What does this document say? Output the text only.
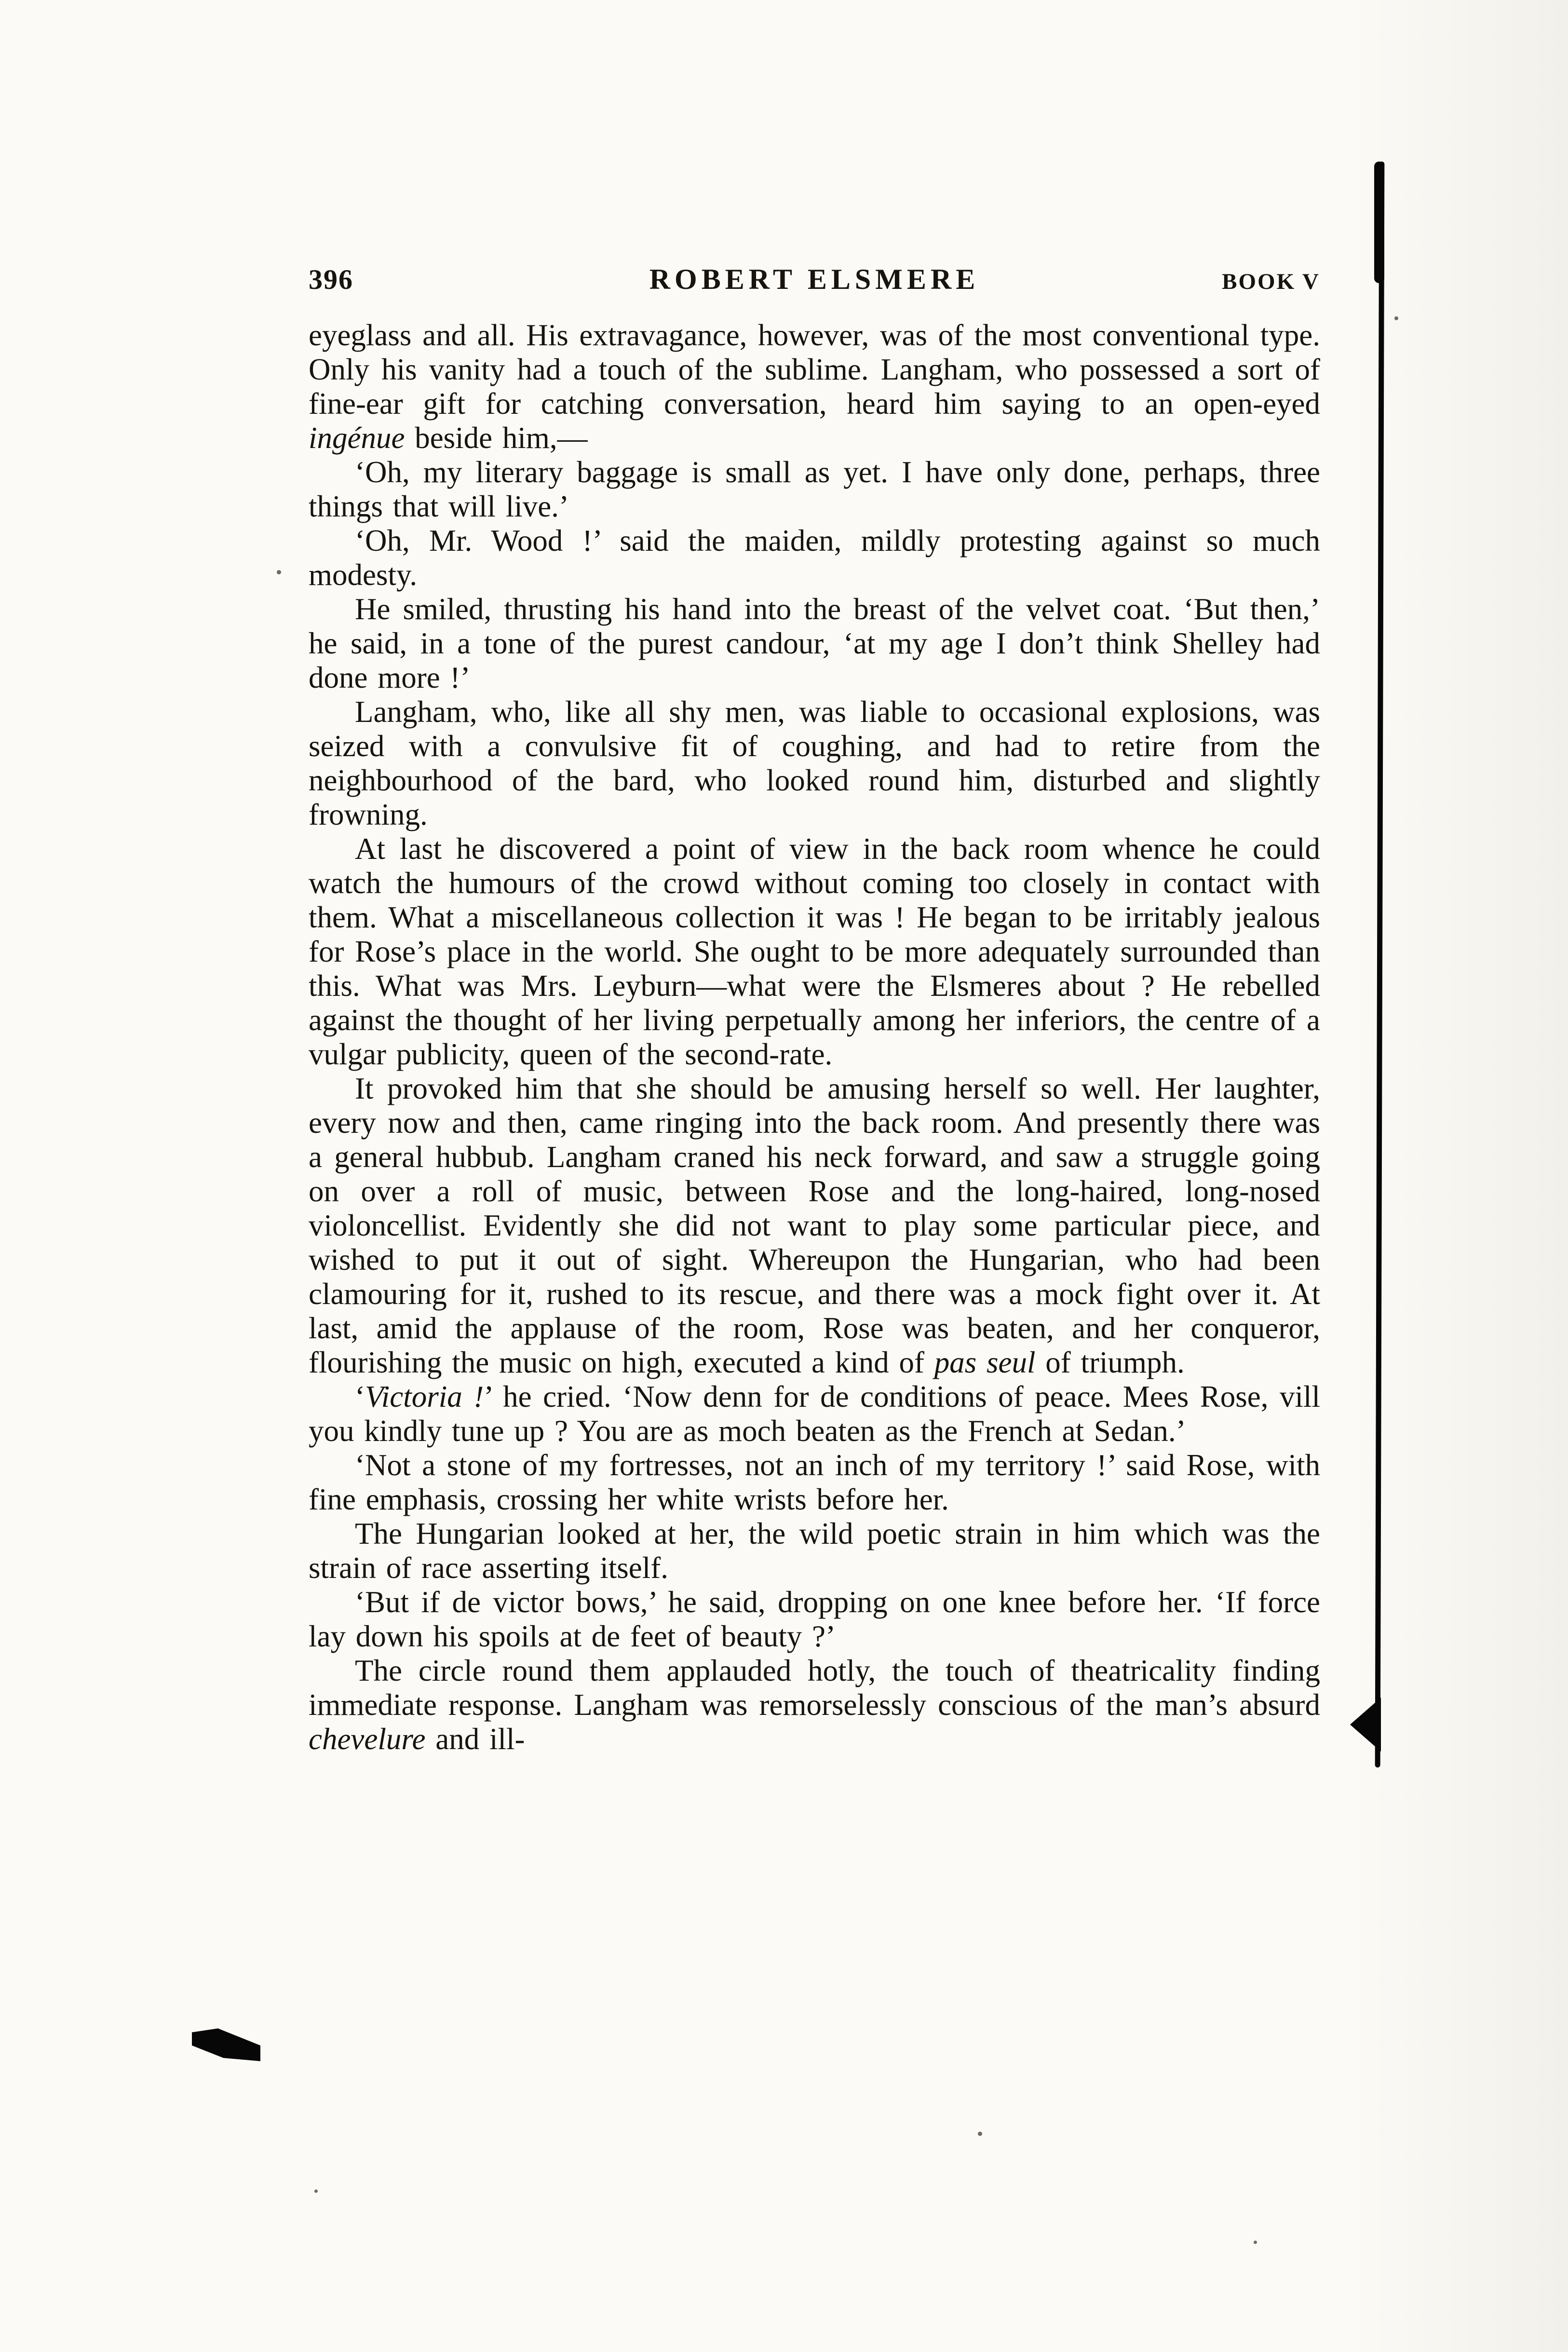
396	ROBERT ELSMERE	BOOK V

eyeglass and all. His extravagance, however, was of the most conventional type. Only his vanity had a touch of the sublime. Langham, who possessed a sort of fine-ear gift for catching conversation, heard him saying to an open-eyed ingénue beside him,—

‘Oh, my literary baggage is small as yet. I have only done, perhaps, three things that will live.’

‘Oh, Mr. Wood !’ said the maiden, mildly protesting against so much modesty.

He smiled, thrusting his hand into the breast of the velvet coat. ‘But then,’ he said, in a tone of the purest candour, ‘at my age I don’t think Shelley had done more !’

Langham, who, like all shy men, was liable to occasional explosions, was seized with a convulsive fit of coughing, and had to retire from the neighbourhood of the bard, who looked round him, disturbed and slightly frowning.

At last he discovered a point of view in the back room whence he could watch the humours of the crowd without coming too closely in contact with them. What a miscellaneous collection it was ! He began to be irritably jealous for Rose’s place in the world. She ought to be more adequately surrounded than this. What was Mrs. Leyburn—what were the Elsmeres about ? He rebelled against the thought of her living perpetually among her inferiors, the centre of a vulgar publicity, queen of the second-rate.

It provoked him that she should be amusing herself so well. Her laughter, every now and then, came ringing into the back room. And presently there was a general hubbub. Langham craned his neck forward, and saw a struggle going on over a roll of music, between Rose and the long-haired, long-nosed violoncellist. Evidently she did not want to play some particular piece, and wished to put it out of sight. Whereupon the Hungarian, who had been clamouring for it, rushed to its rescue, and there was a mock fight over it. At last, amid the applause of the room, Rose was beaten, and her conqueror, flourishing the music on high, executed a kind of pas seul of triumph.

‘Victoria !’ he cried. ‘Now denn for de conditions of peace. Mees Rose, vill you kindly tune up ? You are as moch beaten as the French at Sedan.’

‘Not a stone of my fortresses, not an inch of my territory !’ said Rose, with fine emphasis, crossing her white wrists before her.

The Hungarian looked at her, the wild poetic strain in him which was the strain of race asserting itself.

‘But if de victor bows,’ he said, dropping on one knee before her. ‘If force lay down his spoils at de feet of beauty ?’

The circle round them applauded hotly, the touch of theatricality finding immediate response. Langham was remorselessly conscious of the man’s absurd chevelure and ill-
